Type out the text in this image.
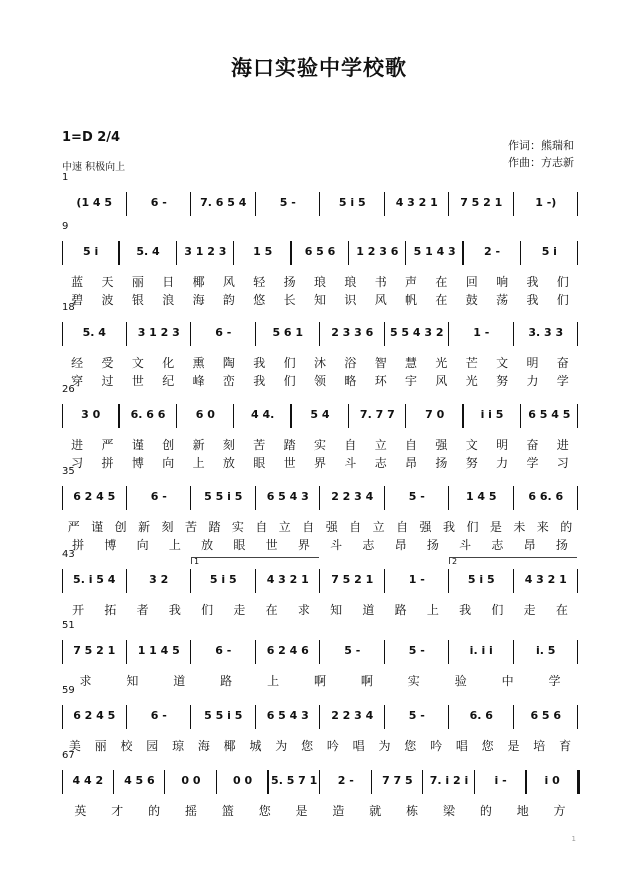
海口实验中学校歌
1=D 2/4
中速 积极向上
作词：熊瑞和
作曲：方志新
1
(1 4 5	6 -	7. 6 5 4	5 -	5 i 5	4 3 2 1 7 5 2 1	1 -)
9
5 i	5. 4 3 1 2 3 1 5	6 5 6 1 2 3 6 5 1 4 3	2 -	5 i
蓝 天 丽 日 椰 风 轻 扬 琅 琅 书 声 在 回 响 我 们
碧 波 银 浪 海 韵 悠 长 知 识 风 帆 在 鼓 荡 我 们
18
5. 4	3 1 2 3	6 -	5 6 1	2 3 3 6 5 5 4 3 2	1 -	3. 3 3
经 受 文 化 熏 陶 我 们 沐 浴 智 慧 光 芒 文 明 奋
穿 过 世 纪 峰 峦 我 们 领 略 环 宇 风 光 努 力 学
26
3 0	6. 6 6	6 0	4 4.	5 4	7. 7 7	7 0	i i 5 6 5 4 5
进 严 谨 创 新 刻 苦 踏 实 自 立 自 强 文 明 奋 进
习 拼 博 向 上 放 眼 世 界 斗 志 昂 扬 努 力 学 习
35
6 2 4 5	6 -	5 5 i 5 6 5 4 3 2 2 3 4	5 -	1 4 5	6 6. 6
严 谨 创 新 刻 苦 踏 实 自 立 自 强 自 立 自 强 我 们 是 未 来 的
拼 博 向 上 放 眼 世 界 斗 志 昂 扬 斗 志 昂 扬
43
5. i 5 4	3 2	5 i 5	4 3 2 1 7 5 2 1	1 -	5 i 5	4 3 2 1
开 拓 者 我 们 走 在 求 知 道 路 上 我 们 走 在
1	2
51
7 5 2 1 1 1 4 5	6 -	6 2 4 6	5 -	5 -	i. i i	i. 5
求	知	道	路	上	啊	啊	实	验	中	学
59
6 2 4 5	6 -	5 5 i 5 6 5 4 3 2 2 3 4	5 -	6. 6	6 5 6
美 丽 校 园 琼 海 椰 城 为 您 吟 唱 为 您 吟 唱 您 是 培 育
67
4 4 2 4 5 6 0 0	0 0 5. 5 7 1 2 -	7 7 5 7. i 2 i i -	i 0
英 才 的 摇 篮 您 是 造 就 栋 梁 的 地 方
1
